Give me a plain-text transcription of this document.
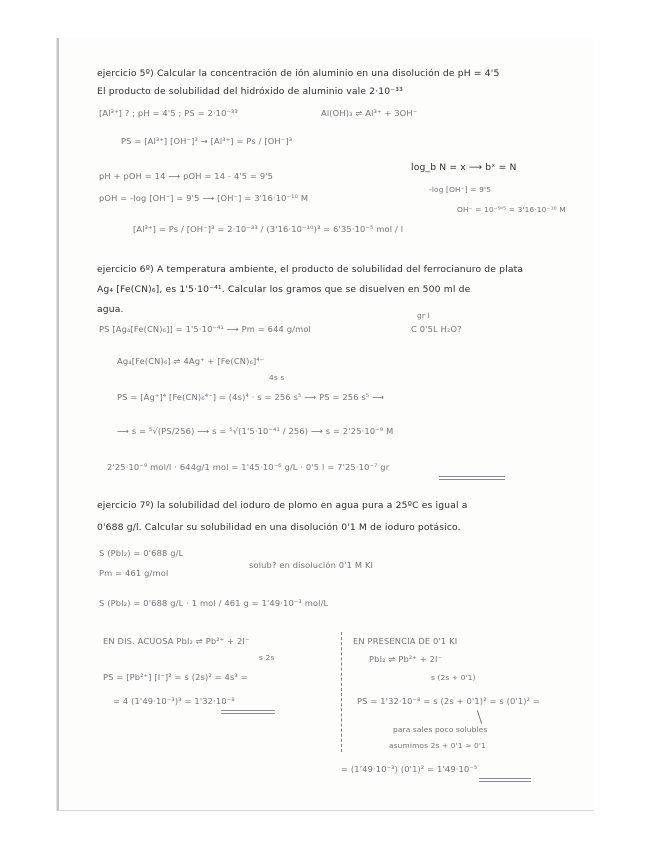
ejercicio 5º) Calcular la concentración de ión aluminio en una disolución de pH = 4'5
El producto de solubilidad del hidróxido de aluminio vale 2·10⁻³³
[Al³⁺] ? ; pH = 4'5 ; PS = 2·10⁻³³	Al(OH)₃ ⇌ Al³⁺ + 3OH⁻
PS = [Al³⁺] [OH⁻]³ → [Al³⁺] = Ps / [OH⁻]³
log_b N = x ⟶ bˣ = N
pH + pOH = 14 ⟶ pOH = 14 - 4'5 = 9'5
-log [OH⁻] = 9'5
pOH = -log [OH⁻] = 9'5 ⟶ [OH⁻] = 3'16·10⁻¹⁰ M
OH⁻ = 10⁻⁹'⁵ = 3'16·10⁻¹⁰ M
[Al³⁺] = Ps / [OH⁻]³ = 2·10⁻³³ / (3'16·10⁻¹⁰)³ = 6'35·10⁻⁵ mol / l
ejercicio 6º) A temperatura ambiente, el producto de solubilidad del ferrocianuro de plata
Ag₄ [Fe(CN)₆], es 1'5·10⁻⁴¹. Calcular los gramos que se disuelven en 500 ml de
agua.
gr l
PS [Ag₄[Fe(CN)₆]] = 1'5·10⁻⁴¹ ⟶ Pm = 644 g/mol	C 0'5L H₂O?
Ag₄[Fe(CN)₆] ⇌ 4Ag⁺ + [Fe(CN)₆]⁴⁻
4s s
PS = [Ag⁺]⁴ [Fe(CN)₆⁴⁻] = (4s)⁴ · s = 256 s⁵ ⟶ PS = 256 s⁵ ⟶
⟶ s = ⁵√(PS/256) ⟶ s = ⁵√(1'5·10⁻⁴¹ / 256) ⟶ s = 2'25·10⁻⁹ M
2'25·10⁻⁹ mol/l · 644g/1 mol = 1'45·10⁻⁶ g/L · 0'5 l = 7'25·10⁻⁷ gr
ejercicio 7º) la solubilidad del ioduro de plomo en agua pura a 25ºC es igual a
0'688 g/l. Calcular su solubilidad en una disolución 0'1 M de ioduro potásico.
S (PbI₂) = 0'688 g/L
Pm = 461 g/mol
solub? en disolución 0'1 M KI
S (PbI₂) = 0'688 g/L · 1 mol / 461 g = 1'49·10⁻³ mol/L
EN DIS. ACUOSA PbI₂ ⇌ Pb²⁺ + 2I⁻
s 2s
PS = [Pb²⁺] [I⁻]² = s (2s)² = 4s³ =
= 4 (1'49·10⁻³)³ = 1'32·10⁻⁸
EN PRESENCIA DE 0'1 KI
PbI₂ ⇌ Pb²⁺ + 2I⁻
s (2s + 0'1)
PS = 1'32·10⁻⁸ = s (2s + 0'1)² = s (0'1)² =
para sales poco solubles
asumimos 2s + 0'1 ≈ 0'1
= (1'49·10⁻³) (0'1)² = 1'49·10⁻⁵
